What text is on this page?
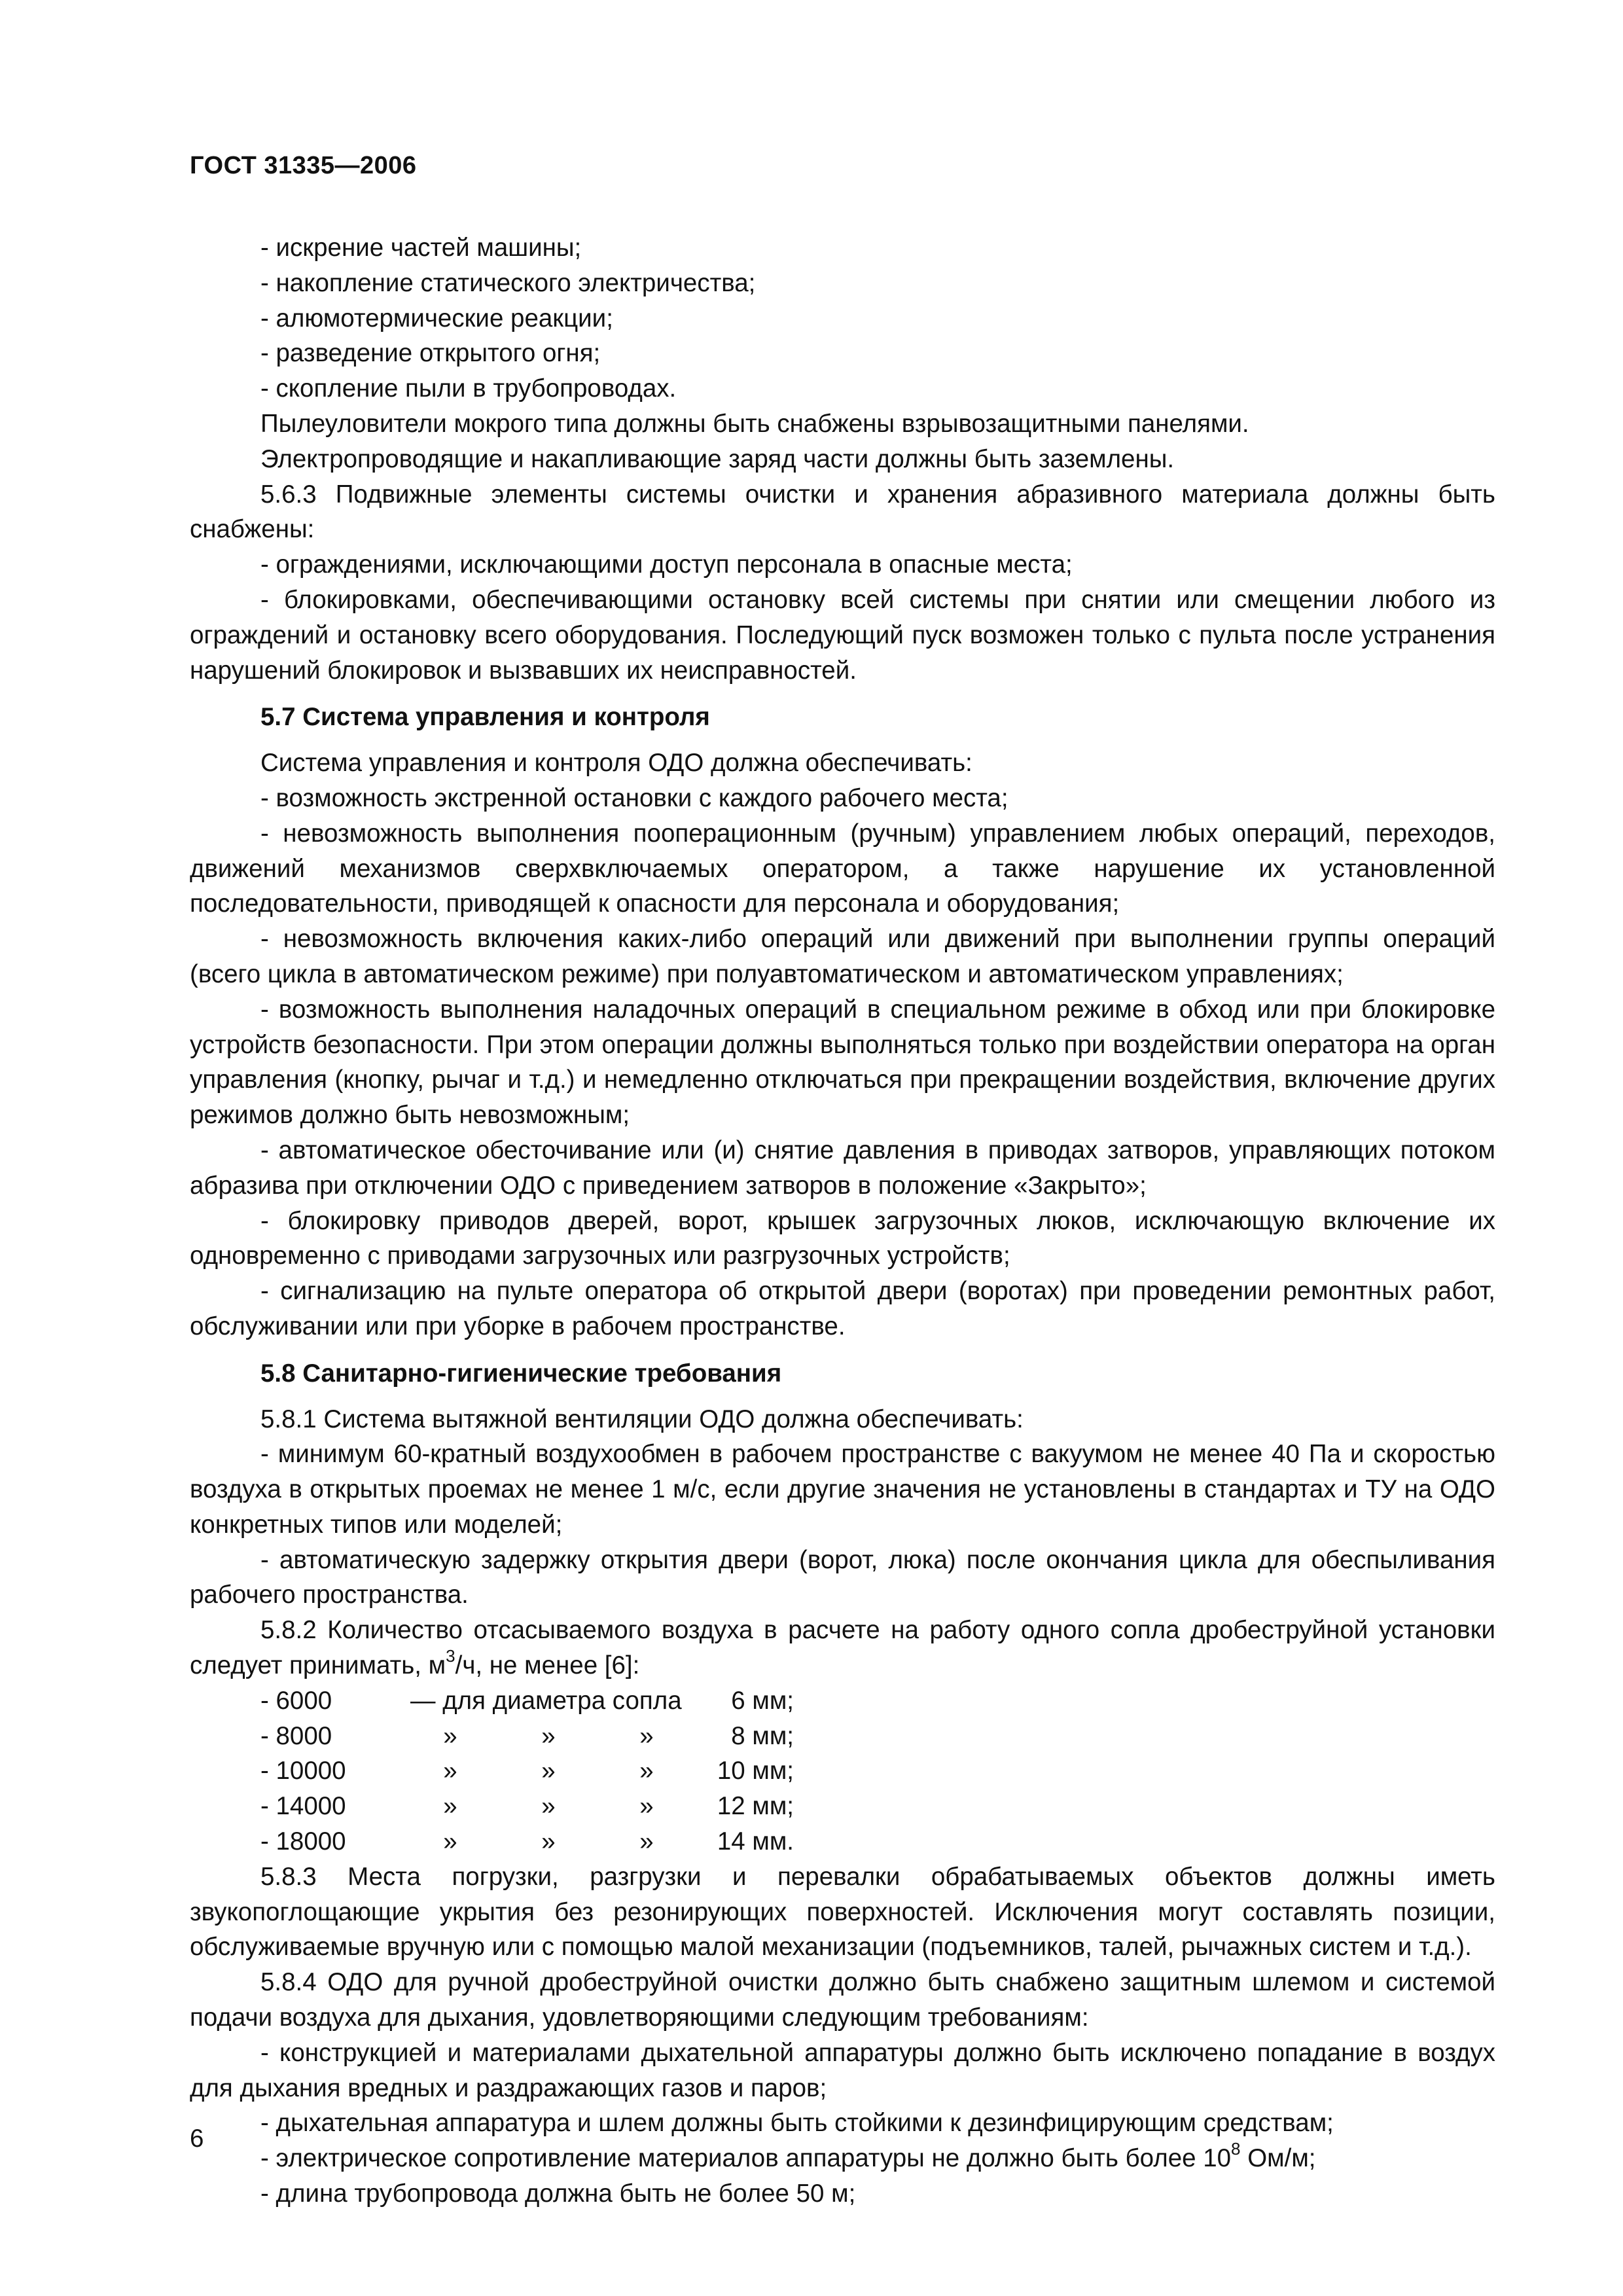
ГОСТ 31335—2006

- искрение частей машины;

- накопление статического электричества;

- алюмотермические реакции;

- разведение открытого огня;

- скопление пыли в трубопроводах.

Пылеуловители мокрого типа должны быть снабжены взрывозащитными панелями.

Электропроводящие и накапливающие заряд части должны быть заземлены.

5.6.3 Подвижные элементы системы очистки и хранения абразивного материала должны быть снабжены:

- ограждениями, исключающими доступ персонала в опасные места;

- блокировками, обеспечивающими остановку всей системы при снятии или смещении любого из ограждений и остановку всего оборудования. Последующий пуск возможен только с пульта после устранения нарушений блокировок и вызвавших их неисправностей.

5.7 Система управления и контроля

Система управления и контроля ОДО должна обеспечивать:

- возможность экстренной остановки с каждого рабочего места;

- невозможность выполнения пооперационным (ручным) управлением любых операций, переходов, движений механизмов сверхвключаемых оператором, а также нарушение их установленной последовательности, приводящей к опасности для персонала и оборудования;

- невозможность включения каких-либо операций или движений при выполнении группы операций (всего цикла в автоматическом режиме) при полуавтоматическом и автоматическом управлениях;

- возможность выполнения наладочных операций в специальном режиме в обход или при блокировке устройств безопасности. При этом операции должны выполняться только при воздействии оператора на орган управления (кнопку, рычаг и т.д.) и немедленно отключаться при прекращении воздействия, включение других режимов должно быть невозможным;

- автоматическое обесточивание или (и) снятие давления в приводах затворов, управляющих потоком абразива при отключении ОДО с приведением затворов в положение «Закрыто»;

- блокировку приводов дверей, ворот, крышек загрузочных люков, исключающую включение их одновременно с приводами загрузочных или разгрузочных устройств;

- сигнализацию на пульте оператора об открытой двери (воротах) при проведении ремонтных работ, обслуживании или при уборке в рабочем пространстве.

5.8 Санитарно-гигиенические требования

5.8.1 Система вытяжной вентиляции ОДО должна обеспечивать:

- минимум 60-кратный воздухообмен в рабочем пространстве с вакуумом не менее 40 Па и скоростью воздуха в открытых проемах не менее 1 м/с, если другие значения не установлены в стандартах и ТУ на ОДО конкретных типов или моделей;

- автоматическую задержку открытия двери (ворот, люка) после окончания цикла для обеспыливания рабочего пространства.

5.8.2 Количество отсасываемого воздуха в расчете на работу одного сопла дробеструйной установки следует принимать, $м^3/ч$, не менее [6]:

- 6000	— для диаметра сопла			6 мм;
- 8000	»	»	»	8 мм;
- 10000	»	»	»	10 мм;
- 14000	»	»	»	12 мм;
- 18000	»	»	»	14 мм.

5.8.3 Места погрузки, разгрузки и перевалки обрабатываемых объектов должны иметь звукопоглощающие укрытия без резонирующих поверхностей. Исключения могут составлять позиции, обслуживаемые вручную или с помощью малой механизации (подъемников, талей, рычажных систем и т.д.).

5.8.4 ОДО для ручной дробеструйной очистки должно быть снабжено защитным шлемом и системой подачи воздуха для дыхания, удовлетворяющими следующим требованиям:

- конструкцией и материалами дыхательной аппаратуры должно быть исключено попадание в воздух для дыхания вредных и раздражающих газов и паров;

- дыхательная аппаратура и шлем должны быть стойкими к дезинфицирующим средствам;

- электрическое сопротивление материалов аппаратуры не должно быть более $10^8$ Ом/м;

- длина трубопровода должна быть не более 50 м;

6
